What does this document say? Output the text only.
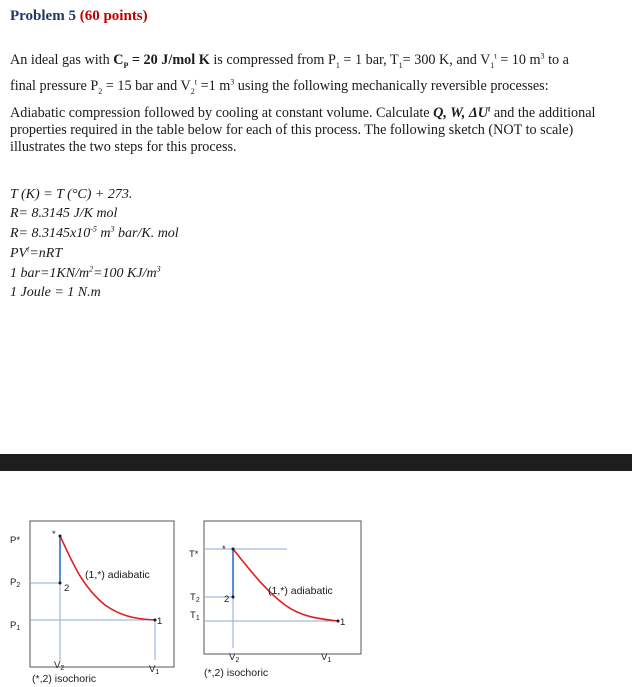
Problem 5 (60 points)
An ideal gas with $C_P = 20$ J/mol K is compressed from $P_1 = 1$ bar, $T_1= 300$ K, and $V_1^t = 10$ $m^3$ to a
final pressure $P_2 = 15$ bar and $V_2^t =1$ $m^3$ using the following mechanically reversible processes:
Adiabatic compression followed by cooling at constant volume. Calculate Q, W, $\Delta U^t$ and the additional
properties required in the table below for each of this process. The following sketch (NOT to scale)
illustrates the two steps for this process.
T (K) = T (°C) + 273.
R= 8.3145 J/K mol
$R= 8.3145x10^{-5}$ $m^3$ bar/K. mol
$PV^t=nRT$
1 $bar=1KN/m^2=100$ $KJ/m^3$
1 Joule = 1 N.m
P*
$P_2$
$P_1$
*
2
1
(1,*) adiabatic
$V_2$	$V_1$
(*,2) isochoric
T*
$T_2$
$T_1$
*
2
1
(1,*) adiabatic
$V_2$	$V_1$
(*,2) isochoric
